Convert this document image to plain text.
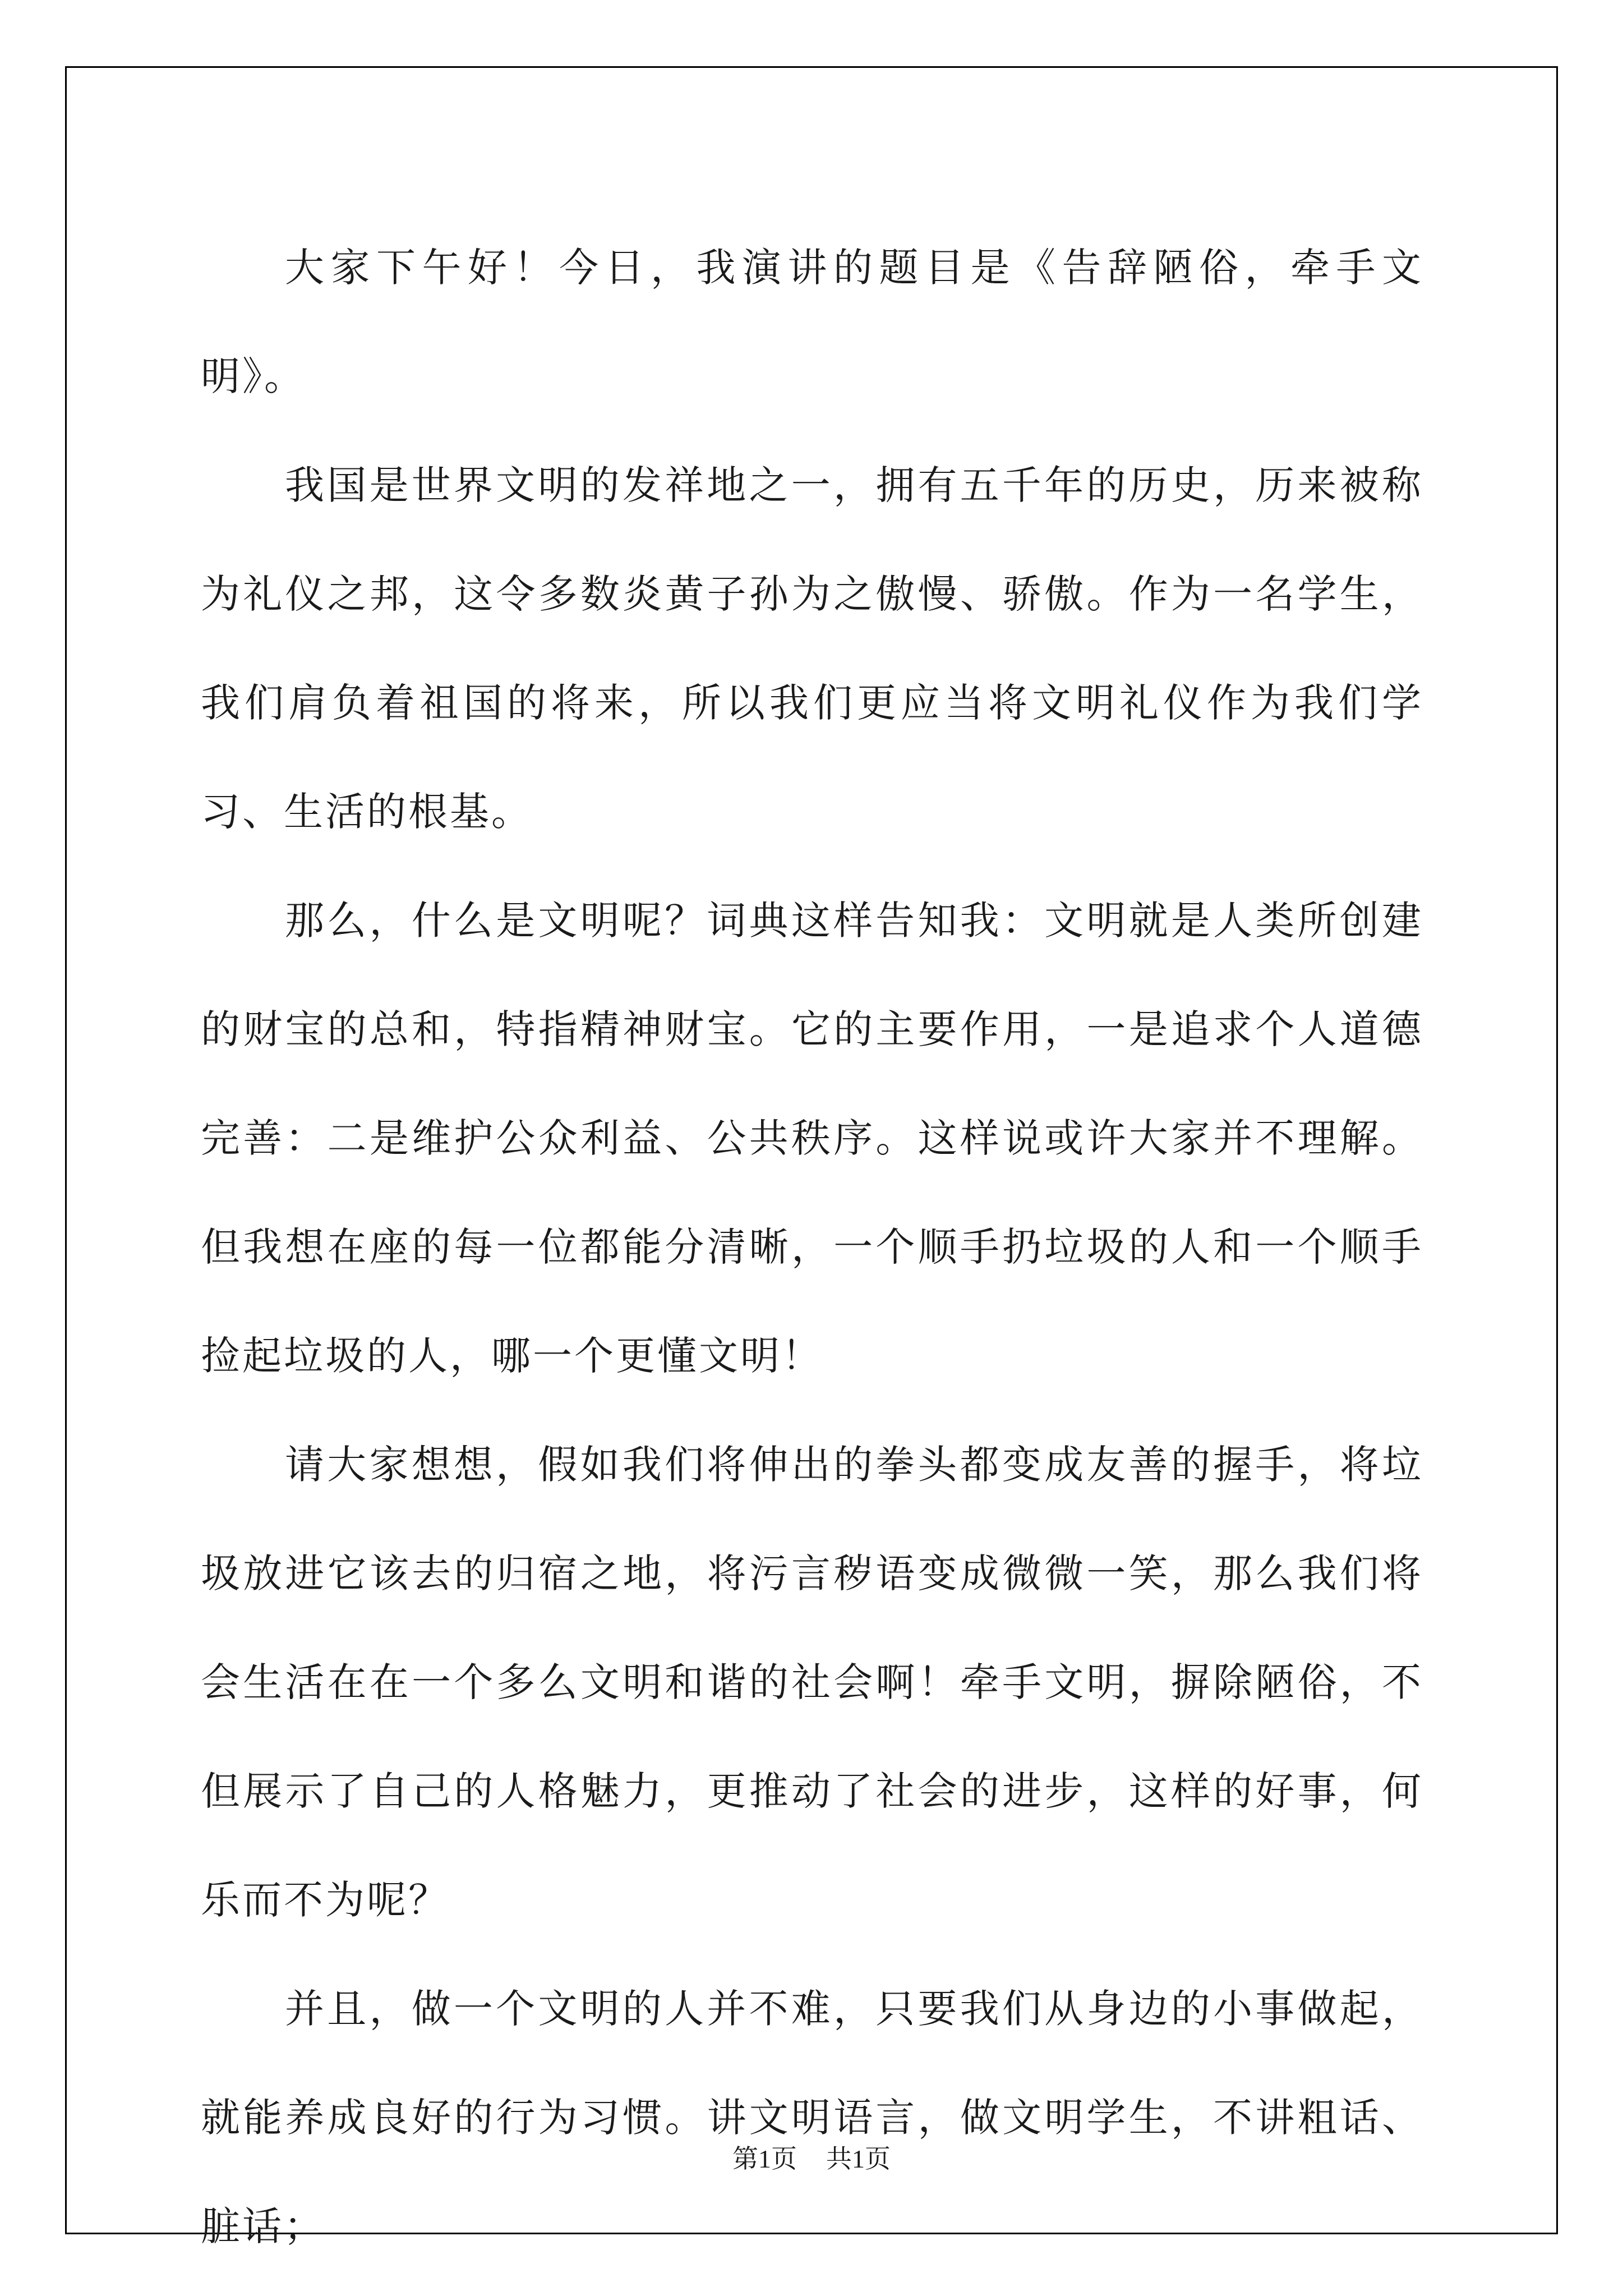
大家下午好！今日，我演讲的题目是《告辞陋俗，牵手文明》。

我国是世界文明的发祥地之一，拥有五千年的历史，历来被称为礼仪之邦，这令多数炎黄子孙为之傲慢、骄傲。作为一名学生，我们肩负着祖国的将来，所以我们更应当将文明礼仪作为我们学习、生活的根基。

那么，什么是文明呢？词典这样告知我：文明就是人类所创建的财宝的总和，特指精神财宝。它的主要作用，一是追求个人道德完善：二是维护公众利益、公共秩序。这样说或许大家并不理解。但我想在座的每一位都能分清晰，一个顺手扔垃圾的人和一个顺手捡起垃圾的人，哪一个更懂文明！

请大家想想，假如我们将伸出的拳头都变成友善的握手，将垃圾放进它该去的归宿之地，将污言秽语变成微微一笑，那么我们将会生活在在一个多么文明和谐的社会啊！牵手文明，摒除陋俗，不但展示了自己的人格魅力，更推动了社会的进步，这样的好事，何乐而不为呢？

并且，做一个文明的人并不难，只要我们从身边的小事做起，就能养成良好的行为习惯。讲文明语言，做文明学生，不讲粗话、脏话；

第1页 共1页
